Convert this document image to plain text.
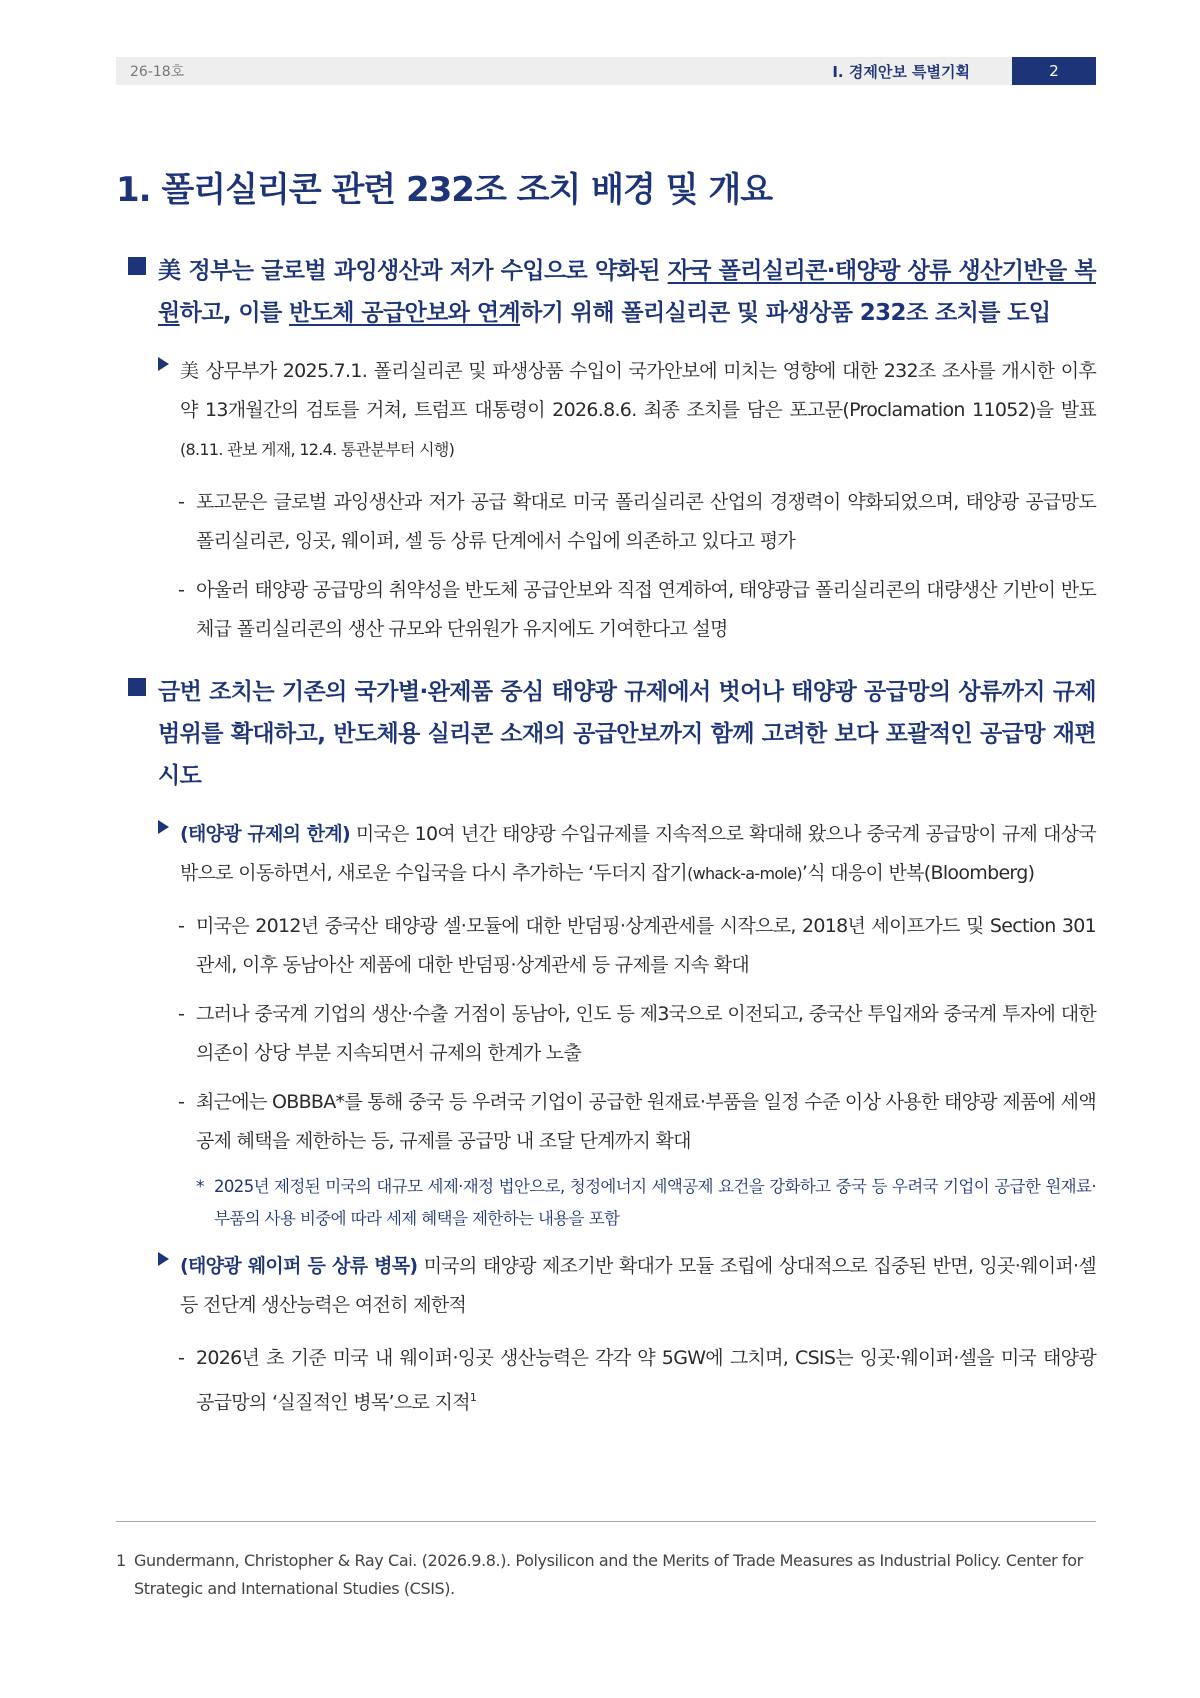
26-18호	Ⅰ. 경제안보 특별기획	2
1. 폴리실리콘 관련 232조 조치 배경 및 개요
美 정부는 글로벌 과잉생산과 저가 수입으로 약화된 자국 폴리실리콘·태양광 상류 생산기반을 복원하고, 이를 반도체 공급안보와 연계하기 위해 폴리실리콘 및 파생상품 232조 조치를 도입
美 상무부가 2025.7.1. 폴리실리콘 및 파생상품 수입이 국가안보에 미치는 영향에 대한 232조 조사를 개시한 이후 약 13개월간의 검토를 거쳐, 트럼프 대통령이 2026.8.6. 최종 조치를 담은 포고문(Proclamation 11052)을 발표(8.11. 관보 게재, 12.4. 통관분부터 시행)
- 포고문은 글로벌 과잉생산과 저가 공급 확대로 미국 폴리실리콘 산업의 경쟁력이 약화되었으며, 태양광 공급망도 폴리실리콘, 잉곳, 웨이퍼, 셀 등 상류 단계에서 수입에 의존하고 있다고 평가
- 아울러 태양광 공급망의 취약성을 반도체 공급안보와 직접 연계하여, 태양광급 폴리실리콘의 대량생산 기반이 반도체급 폴리실리콘의 생산 규모와 단위원가 유지에도 기여한다고 설명
금번 조치는 기존의 국가별·완제품 중심 태양광 규제에서 벗어나 태양광 공급망의 상류까지 규제 범위를 확대하고, 반도체용 실리콘 소재의 공급안보까지 함께 고려한 보다 포괄적인 공급망 재편 시도
(태양광 규제의 한계) 미국은 10여 년간 태양광 수입규제를 지속적으로 확대해 왔으나 중국계 공급망이 규제 대상국 밖으로 이동하면서, 새로운 수입국을 다시 추가하는 ‘두더지 잡기(whack-a-mole)’식 대응이 반복(Bloomberg)
- 미국은 2012년 중국산 태양광 셀·모듈에 대한 반덤핑·상계관세를 시작으로, 2018년 세이프가드 및 Section 301 관세, 이후 동남아산 제품에 대한 반덤핑·상계관세 등 규제를 지속 확대
- 그러나 중국계 기업의 생산·수출 거점이 동남아, 인도 등 제3국으로 이전되고, 중국산 투입재와 중국계 투자에 대한 의존이 상당 부분 지속되면서 규제의 한계가 노출
- 최근에는 OBBBA*를 통해 중국 등 우려국 기업이 공급한 원재료·부품을 일정 수준 이상 사용한 태양광 제품에 세액공제 혜택을 제한하는 등, 규제를 공급망 내 조달 단계까지 확대
* 2025년 제정된 미국의 대규모 세제·재정 법안으로, 청정에너지 세액공제 요건을 강화하고 중국 등 우려국 기업이 공급한 원재료·부품의 사용 비중에 따라 세제 혜택을 제한하는 내용을 포함
(태양광 웨이퍼 등 상류 병목) 미국의 태양광 제조기반 확대가 모듈 조립에 상대적으로 집중된 반면, 잉곳·웨이퍼·셀 등 전단계 생산능력은 여전히 제한적
- 2026년 초 기준 미국 내 웨이퍼·잉곳 생산능력은 각각 약 5GW에 그치며, CSIS는 잉곳·웨이퍼·셀을 미국 태양광 공급망의 ‘실질적인 병목’으로 지적$^1$
1 Gundermann, Christopher & Ray Cai. (2026.9.8.). Polysilicon and the Merits of Trade Measures as Industrial Policy. Center for Strategic and International Studies (CSIS).
